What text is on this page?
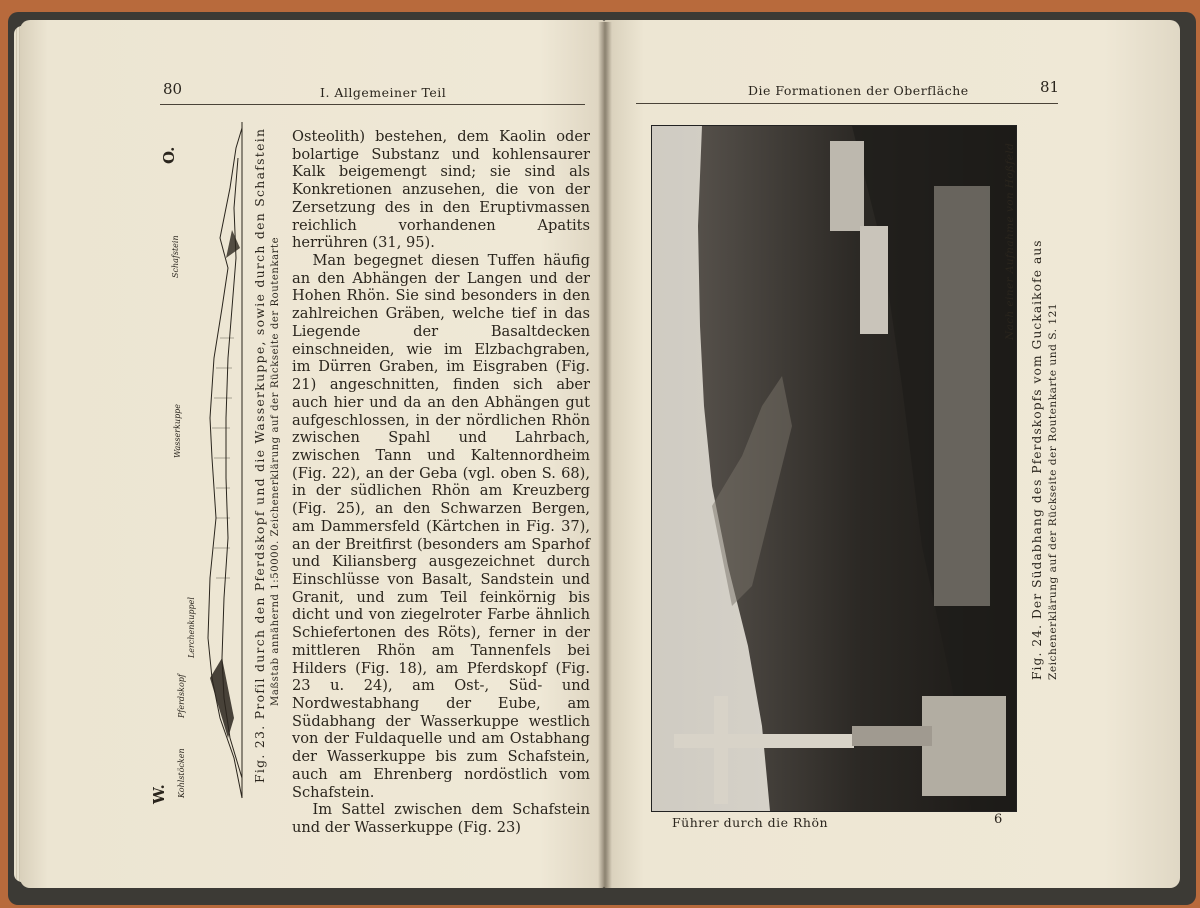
80	I. Allgemeiner Teil
Kohlstöcken
Pferdskopf
Lerchenkuppel
Wasserkuppe
Schafstein
W.
O.	Fig. 23. Profil durch den Pferdskopf und die Wasserkuppe, sowie durch den Schafstein Maßstab annähernd 1:50000. Zeichenerklärung auf der Rückseite der Routenkarte

Osteolith) bestehen, dem Kaolin oder bolartige Substanz und kohlensaurer Kalk beigemengt sind; sie sind als Konkretionen anzusehen, die von der Zersetzung des in den Eruptivmassen reichlich vorhandenen Apatits herrühren (31, 95).

Man begegnet diesen Tuffen häufig an den Abhängen der Langen und der Hohen Rhön. Sie sind besonders in den zahlreichen Gräben, welche tief in das Liegende der Basaltdecken einschneiden, wie im Elzbachgraben, im Dürren Graben, im Eisgraben (Fig. 21) angeschnitten, finden sich aber auch hier und da an den Abhängen gut aufgeschlossen, in der nördlichen Rhön zwischen Spahl und Lahrbach, zwischen Tann und Kaltennordheim (Fig. 22), an der Geba (vgl. oben S. 68), in der südlichen Rhön am Kreuzberg (Fig. 25), an den Schwarzen Bergen, am Dammersfeld (Kärtchen in Fig. 37), an der Breitfirst (besonders am Sparhof und Kiliansberg ausgezeichnet durch Einschlüsse von Basalt, Sandstein und Granit, und zum Teil feinkörnig bis dicht und von ziegelroter Farbe ähnlich Schiefertonen des Röts), ferner in der mittleren Rhön am Tannenfels bei Hilders (Fig. 18), am Pferdskopf (Fig. 23 u. 24), am Ost-, Süd- und Nordwestabhang der Eube, am Südabhang der Wasserkuppe westlich von der Fuldaquelle und am Ostabhang der Wasserkuppe bis zum Schafstein, auch am Ehrenberg nordöstlich vom Schafstein.

Im Sattel zwischen dem Schafstein und der Wasserkuppe (Fig. 23)

Die Formationen der Oberfläche	81
Nach einer Aufnahme von Hoßfeld Fig. 24. Der Südabhang des Pferdskopfs vom Guckaikofe aus Zeichenerklärung auf der Rückseite der Routenkarte und S. 121
Führer durch die Rhön	6
